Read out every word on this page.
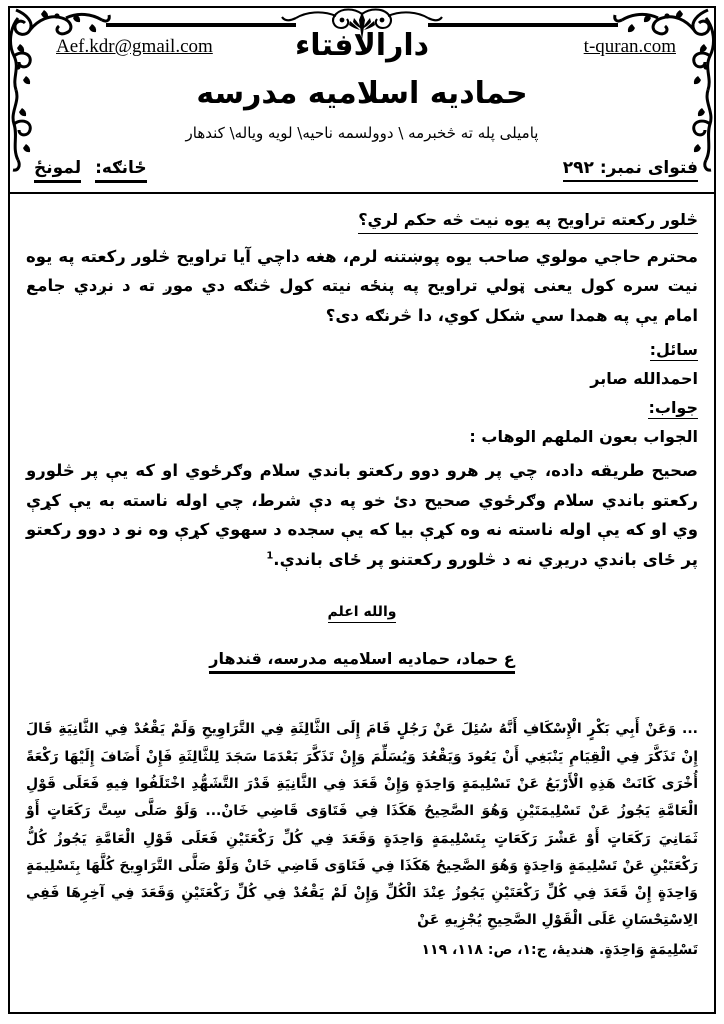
Aef.kdr@gmail.com	t-quran.com
دارالافتاء
حماديه اسلاميه مدرسه
پاميلی پله ته څخبرمه \ دوولسمه ناحيه\ لويه وياله\ کندهار
فتوای نمبر: ۲۹۲
ځانګه:
لمونځ
څلور رکعته تراویح په یوه نیت څه حکم لري؟
محترم حاجي مولوي صاحب يوه پوښتنه لرم، هغه داچي آيا تراویح څلور رکعته په یوه نیت سره کول یعنی ټولي تراویح په پنځه نیته کول څنګه دي موږ ته د نږدي جامع امام یې په همدا سي شکل کوي، دا څرنګه دی؟
سائل:
احمدالله صابر
جواب:
الجواب بعون الملهم الوهاب :
صحيح طريقه داده، چي پر هرو دوو رکعتو باندي سلام وګرځوي او که يې پر څلورو رکعتو باندي سلام وګرځوي صحيح دئ خو په دې شرط، چي اوله ناسته به يې کړې وي او که يې اوله ناسته نه وه کړې بيا که يې سجده د سهوي کړې وه نو د دوو رکعتو پر ځاى باندي دریږي نه د څلورو رکعتنو پر ځاى باندې.$^1$
والله اعلم
ع حماد، حماديه اسلاميه مدرسه، قندهار
... وَعَنْ أَبِي بَكْرٍ الْإِسْكَافِ أَنَّهُ سُئِلَ عَنْ رَجُلٍ قَامَ إِلَى الثَّالِثَةِ فِي التَّرَاوِيحِ وَلَمْ يَقْعُدْ فِي الثَّانِيَةِ قَالَ إِنْ تَذَكَّرَ فِي الْقِيَامِ يَنْبَغِي أَنْ يَعُودَ وَيَقْعُدَ وَيُسَلِّمَ وَإِنْ تَذَكَّرَ بَعْدَمَا سَجَدَ لِلثَّالِثَةِ فَإِنْ أَضَافَ إِلَيْهَا رَكْعَةً أُخْرَى كَانَتْ هَذِهِ الْأَرْبَعُ عَنْ تَسْلِيمَةٍ وَاحِدَةٍ وَإِنْ قَعَدَ فِي الثَّانِيَةِ قَدْرَ التَّشَهُّدِ اخْتَلَفُوا فِيهِ فَعَلَى قَوْلِ الْعَامَّةِ يَجُوزُ عَنْ تَسْلِيمَتَيْنِ وَهُوَ الصَّحِيحُ هَكَذَا فِي فَتَاوَى قَاضِي خَانْ... وَلَوْ صَلَّى سِتَّ رَكَعَاتٍ أَوْ ثَمَانِيَ رَكَعَاتٍ أَوْ عَشْرَ رَكَعَاتٍ بِتَسْلِيمَةٍ وَاحِدَةٍ وَقَعَدَ فِي كُلِّ رَكْعَتَيْنِ فَعَلَى قَوْلِ الْعَامَّةِ يَجُوزُ كُلُّ رَكْعَتَيْنِ عَنْ تَسْلِيمَةٍ وَاحِدَةٍ وَهُوَ الصَّحِيحُ هَكَذَا فِي فَتَاوَى قَاضِي خَانْ وَلَوْ صَلَّى التَّرَاوِيحَ كُلَّهَا بِتَسْلِيمَةٍ وَاحِدَةٍ إِنْ قَعَدَ فِي كُلِّ رَكْعَتَيْنِ يَجُوزُ عِنْدَ الْكُلِّ وَإِنْ لَمْ يَقْعُدْ فِي كُلِّ رَكْعَتَيْنِ وَقَعَدَ فِي آخِرِهَا فَفِي الِاسْتِحْسَانِ عَلَى الْقَوْلِ الصَّحِيحِ يُجْزِيهِ عَنْ
تَسْلِيمَةٍ وَاحِدَةٍ. هنديۀ، ج:١، ص: ١١٨، ١١٩
